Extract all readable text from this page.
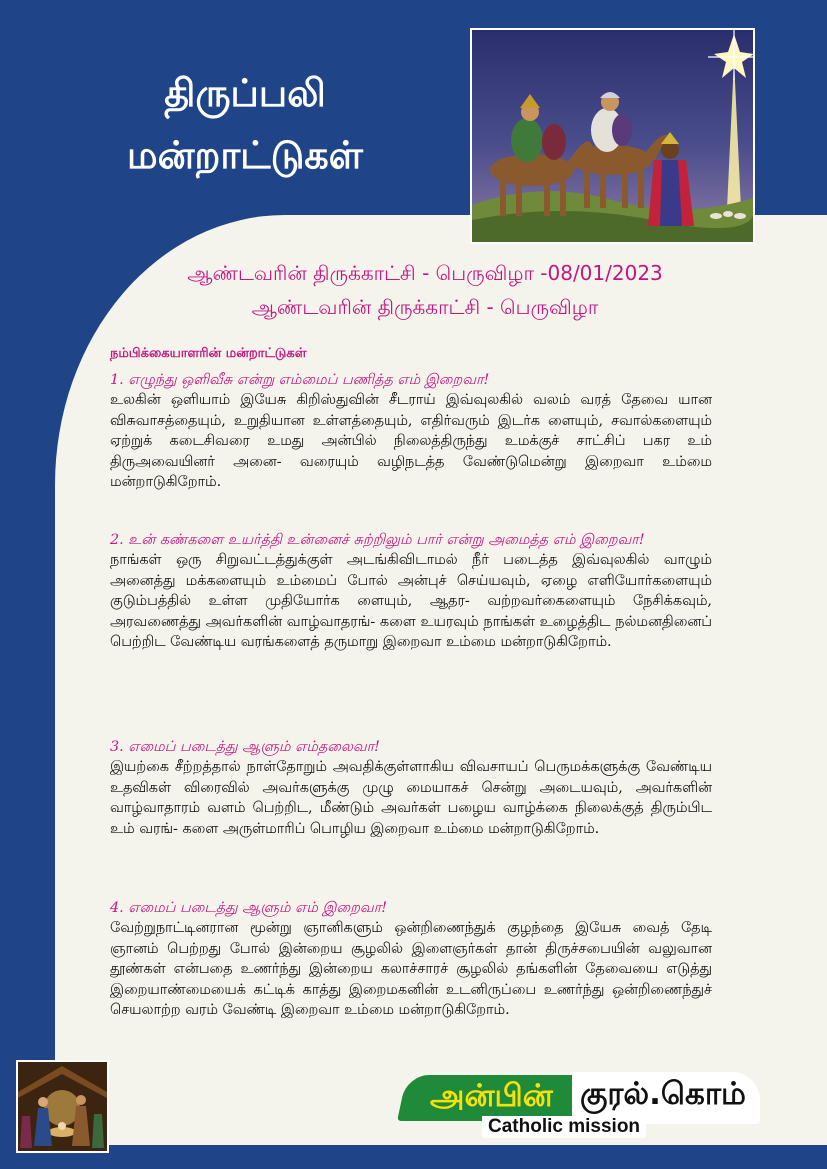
திருப்பலி
மன்றாட்டுகள்
ஆண்டவரின் திருக்காட்சி - பெருவிழா -08/01/2023
ஆண்டவரின் திருக்காட்சி - பெருவிழா
நம்பிக்கையாளரின் மன்றாட்டுகள்
1. எழுந்து ஒளிவீசு என்று எம்மைப் பணித்த எம் இறைவா!
உலகின் ஒளியாம் இயேசு கிறிஸ்துவின் சீடராய் இவ்வுலகில் வலம் வரத் தேவை யான விசுவாசத்தையும், உறுதியான உள்ளத்தையும், எதிர்வரும் இடர்க ளையும், சவால்களையும் ஏற்றுக் கடைசிவரை உமது அன்பில் நிலைத்திருந்து உமக்குச் சாட்சிப் பகர உம் திருஅவையினர் அனை- வரையும் வழிநடத்த வேண்டுமென்று இறைவா உம்மை மன்றாடுகிறோம்.
2. உன் கண்களை உயர்த்தி உன்னைச் சுற்றிலும் பார் என்று அமைத்த எம் இறைவா!
நாங்கள் ஒரு சிறுவட்டத்துக்குள் அடங்கிவிடாமல் நீர் படைத்த இவ்வுலகில் வாழும் அனைத்து மக்களையும் உம்மைப் போல் அன்புச் செய்யவும், ஏழை எளியோர்களையும் குடும்பத்தில் உள்ள முதியோர்க ளையும், ஆதர- வற்றவர்கைளையும் நேசிக்கவும், அரவணைத்து அவர்களின் வாழ்வாதரங்- களை உயரவும் நாங்கள் உழைத்திட நல்மனதினைப் பெற்றிட வேண்டிய வரங்களைத் தருமாறு இறைவா உம்மை மன்றாடுகிறோம்.
3. எமைப் படைத்து ஆளும் எம்தலைவா!
இயற்கை சீற்றத்தால் நாள்தோறும் அவதிக்குள்ளாகிய விவசாயப் பெருமக்களுக்கு வேண்டிய உதவிகள் விரைவில் அவர்களுக்கு முழு மையாகச் சென்று அடையவும், அவர்களின் வாழ்வாதாரம் வளம் பெற்றிட, மீண்டும் அவர்கள் பழைய வாழ்க்கை நிலைக்குத் திரும்பிட உம் வரங்- களை அருள்மாரிப் பொழிய இறைவா உம்மை மன்றாடுகிறோம்.
4. எமைப் படைத்து ஆளும் எம் இறைவா!
வேற்றுநாட்டினரான மூன்று ஞானிகளும் ஒன்றிணைந்துக் குழந்தை இயேசு வைத் தேடி ஞானம் பெற்றது போல் இன்றைய சூழலில் இளைஞர்கள் தான் திருச்சபையின் வலுவான தூண்கள் என்பதை உணர்ந்து இன்றைய கலாச்சாரச் சூழலில் தங்களின் தேவையை எடுத்து இறையாண்மையைக் கட்டிக் காத்து இறைமகனின் உடனிருப்பை உணர்ந்து ஒன்றிணைந்துச் செயலாற்ற வரம் வேண்டி இறைவா உம்மை மன்றாடுகிறோம்.
அன்பின் குரல்.கொம்
Catholic mission
